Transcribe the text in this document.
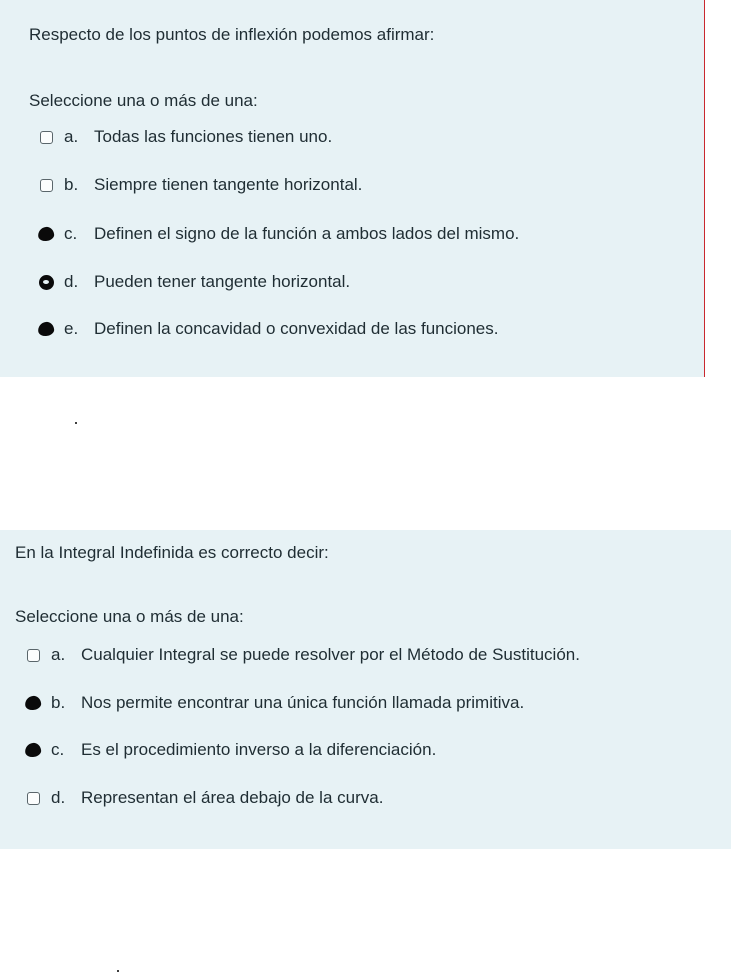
Respecto de los puntos de inflexión podemos afirmar:
Seleccione una o más de una:
a. Todas las funciones tienen uno.
b. Siempre tienen tangente horizontal.
c. Definen el signo de la función a ambos lados del mismo.
d. Pueden tener tangente horizontal.
e. Definen la concavidad o convexidad de las funciones.
En la Integral Indefinida es correcto decir:
Seleccione una o más de una:
a. Cualquier Integral se puede resolver por el Método de Sustitución.
b. Nos permite encontrar una única función llamada primitiva.
c. Es el procedimiento inverso a la diferenciación.
d. Representan el área debajo de la curva.
